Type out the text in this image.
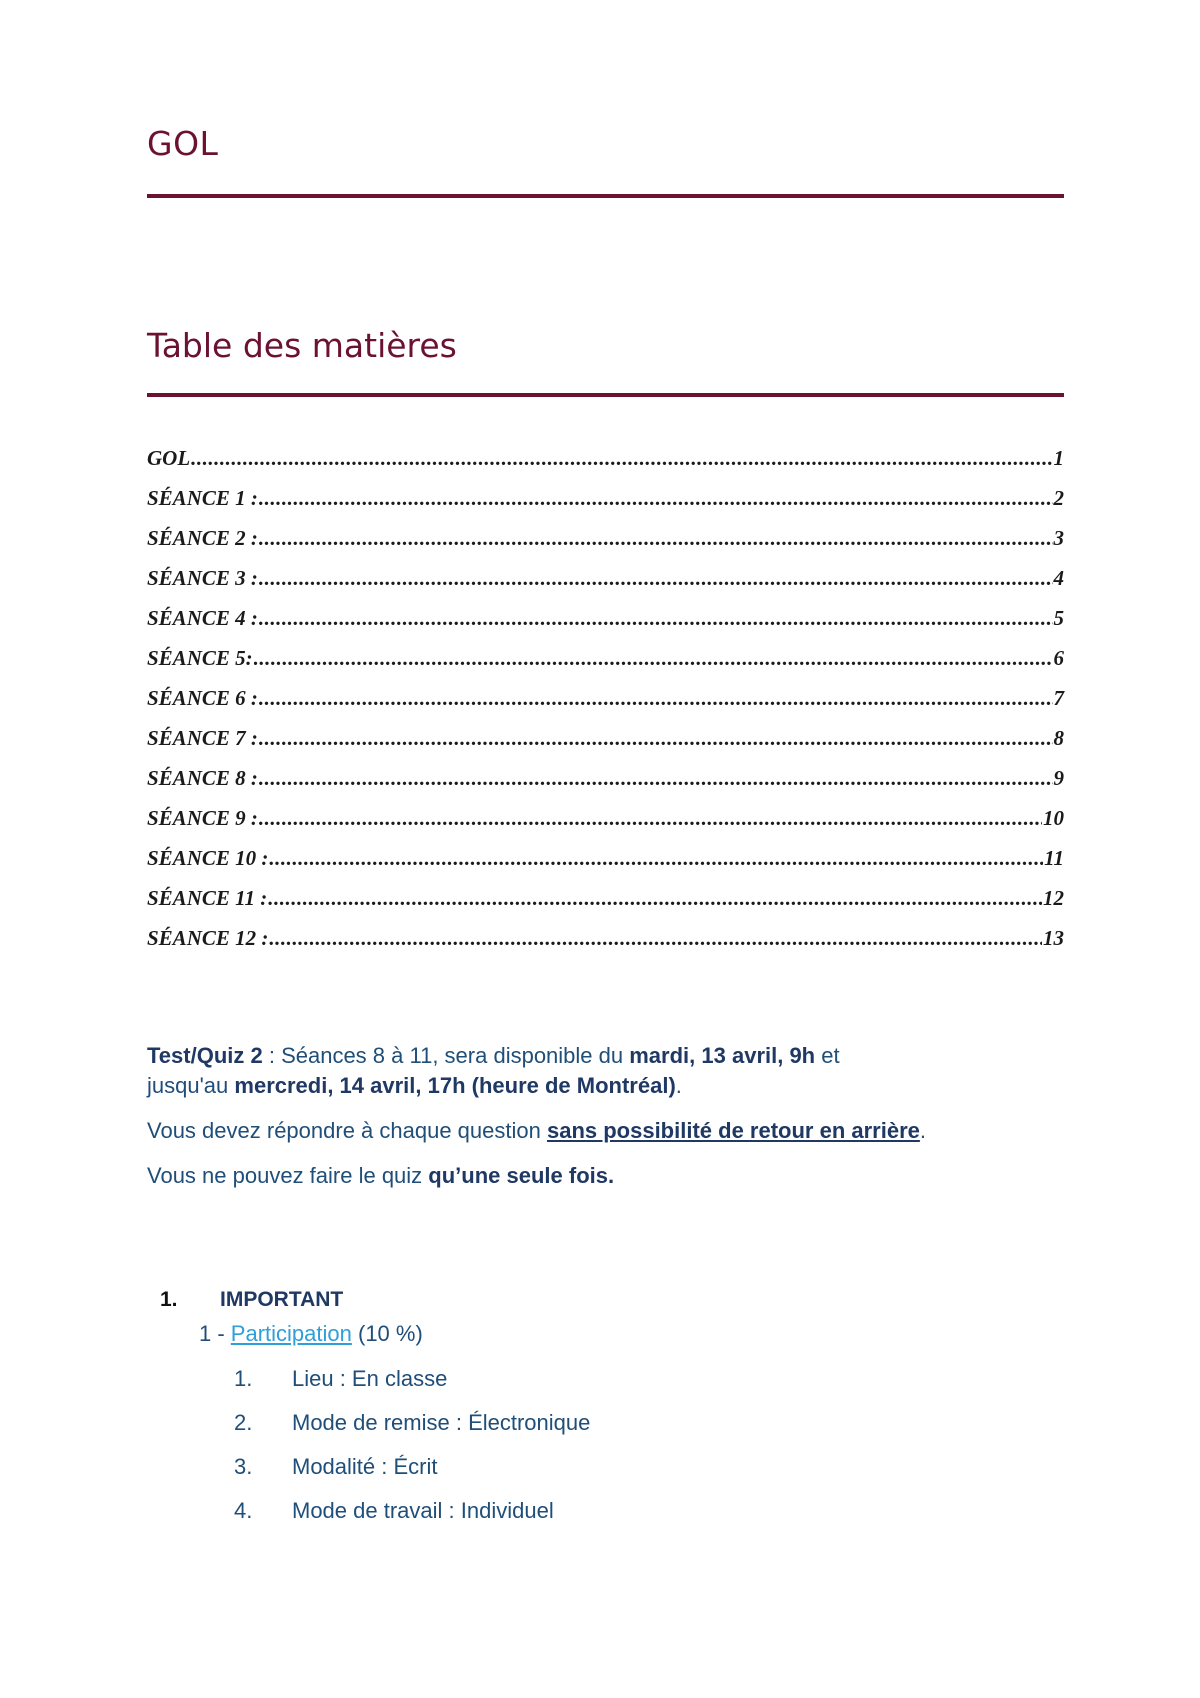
GOL
Table des matières
GOL .....	1
SÉANCE 1 : .....	2
SÉANCE 2 : .....	3
SÉANCE 3 : .....	4
SÉANCE 4 : .....	5
SÉANCE 5: .....	6
SÉANCE 6 : .....	7
SÉANCE 7 : .....	8
SÉANCE 8 : .....	9
SÉANCE 9 : .....	10
SÉANCE 10 : .....	11
SÉANCE 11 : .....	12
SÉANCE 12 : .....	13
Test/Quiz 2 : Séances 8 à 11, sera disponible du mardi, 13 avril, 9h et
jusqu'au mercredi, 14 avril, 17h (heure de Montréal).
Vous devez répondre à chaque question sans possibilité de retour en arrière.
Vous ne pouvez faire le quiz qu’une seule fois.
1. IMPORTANT
1 - Participation (10 %)
1.	Lieu : En classe
2.	Mode de remise : Électronique
3.	Modalité : Écrit
4.	Mode de travail : Individuel
